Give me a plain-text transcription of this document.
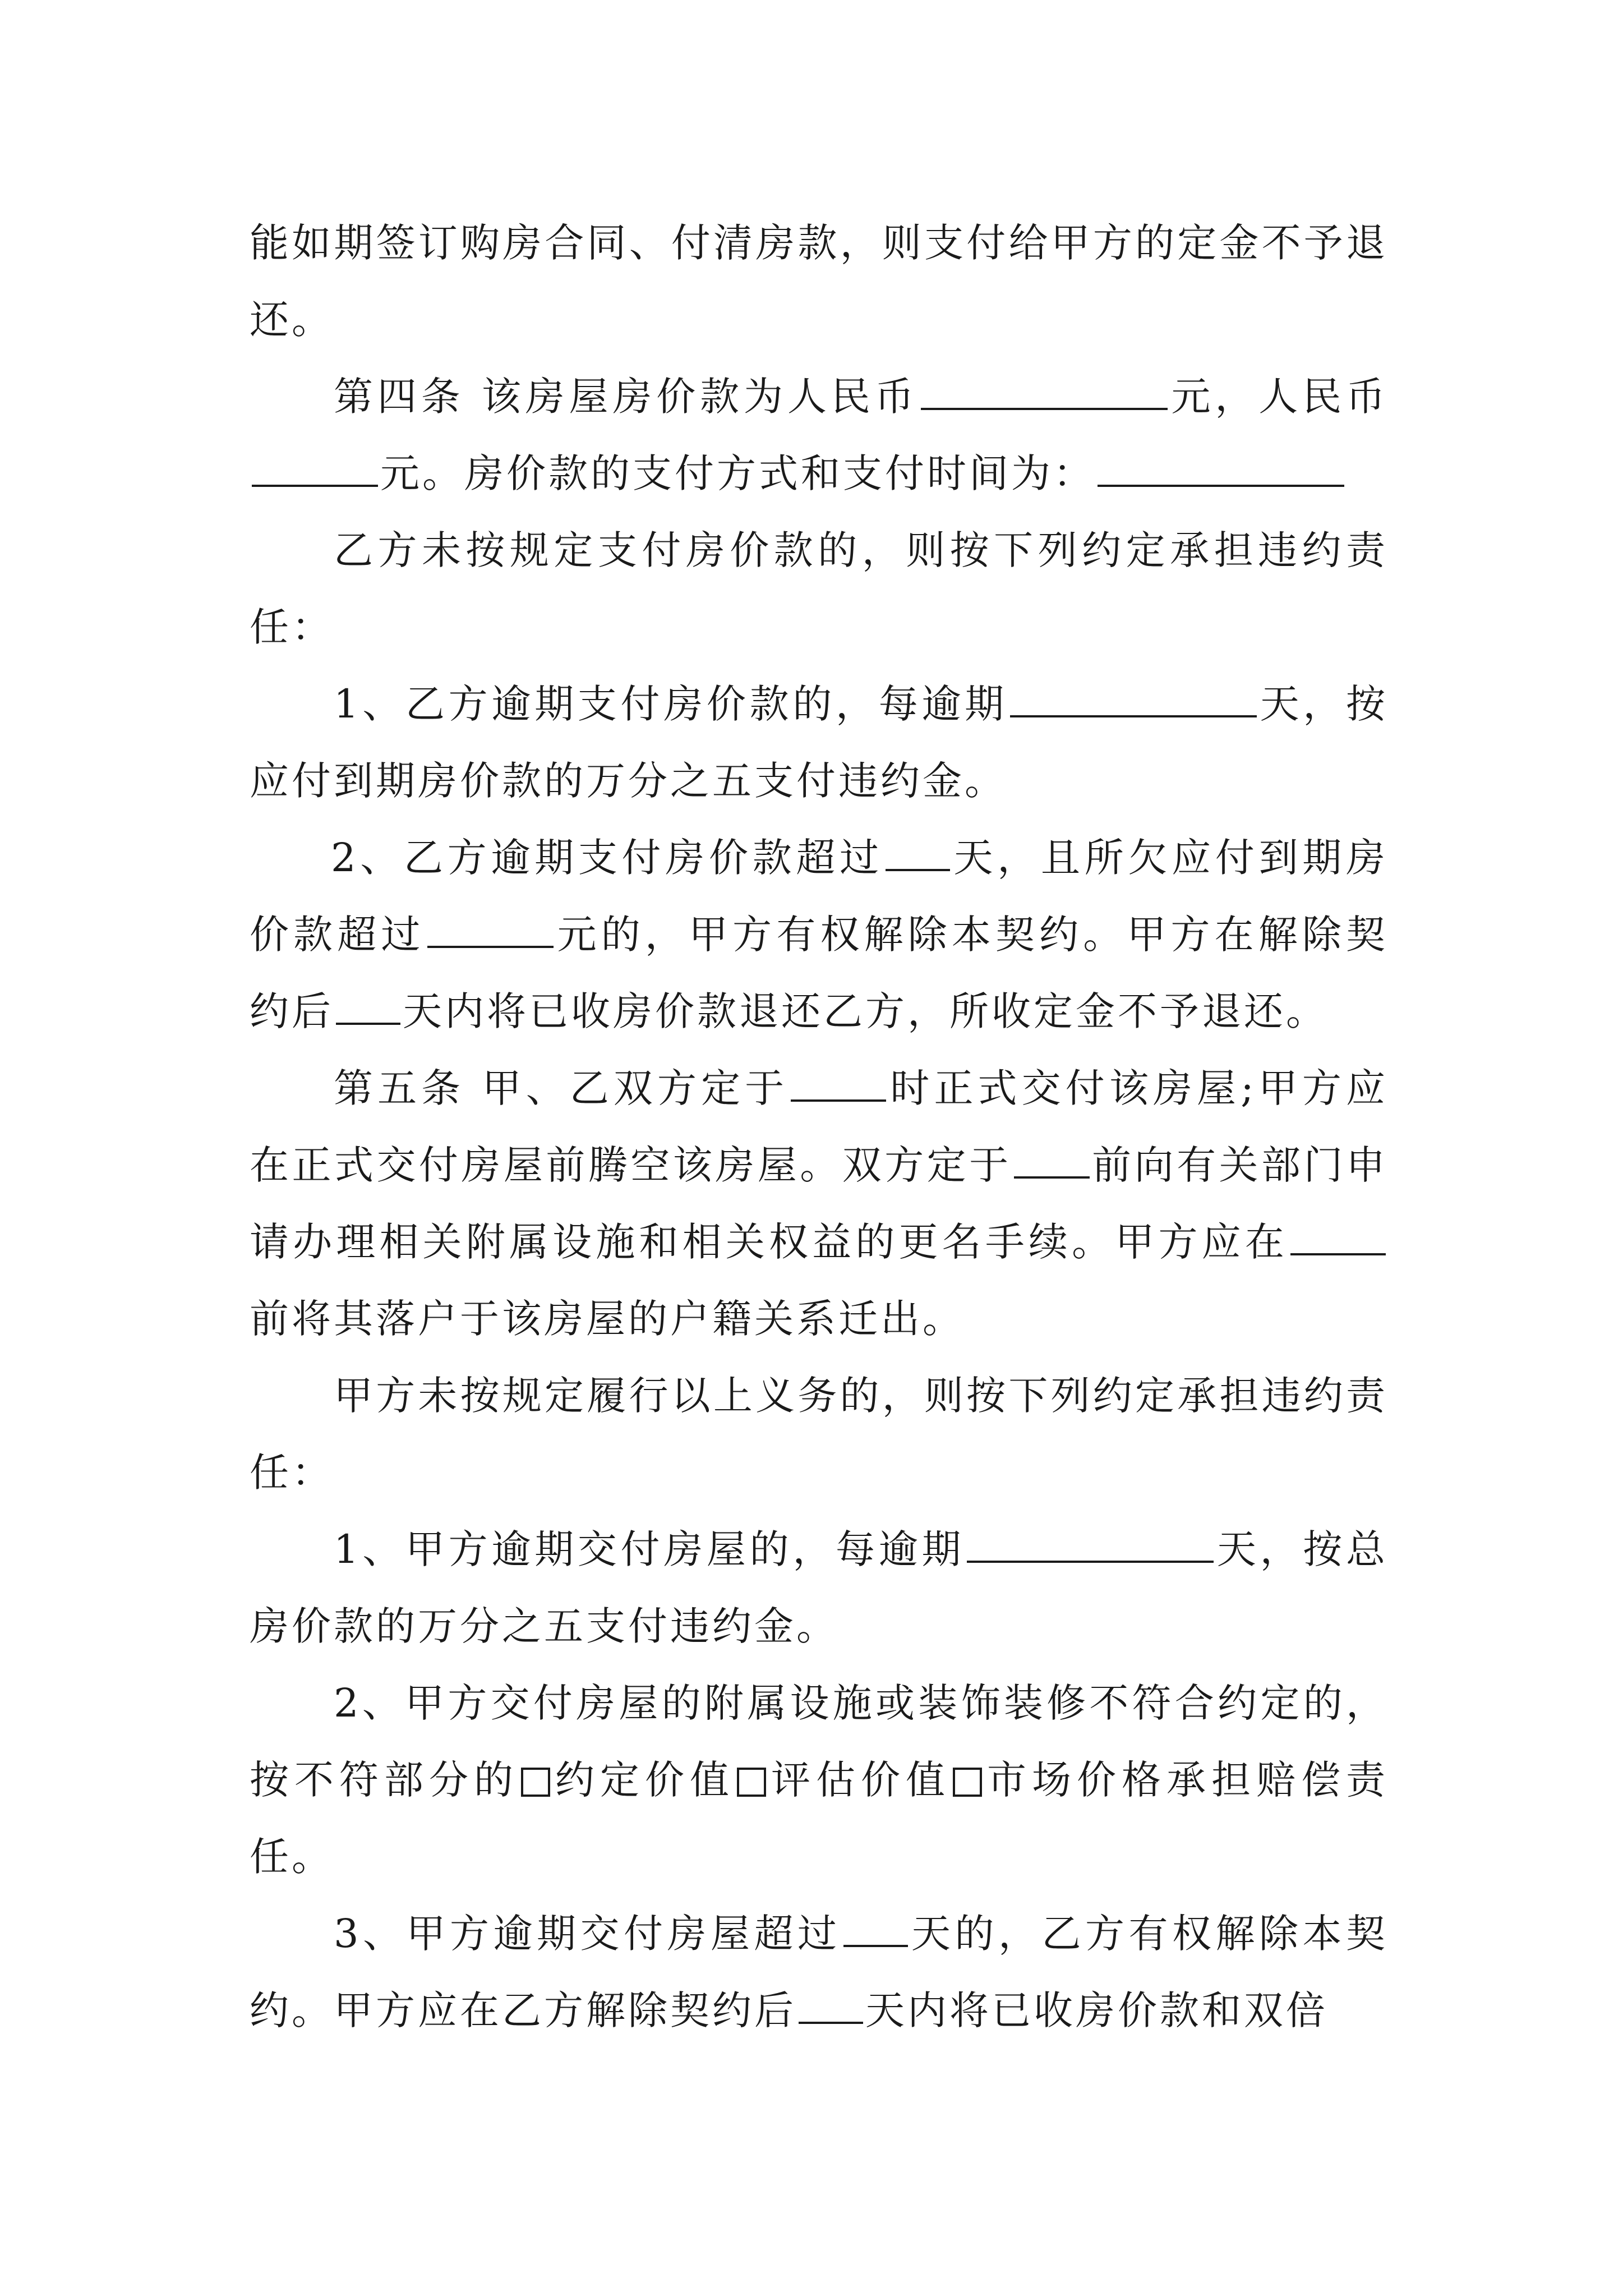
能如期签订购房合同、付清房款，则支付给甲方的定金不予退还。

第四条 该房屋房价款为人民币	元，人民币元。房价款的支付方式和支付时间为：

乙方未按规定支付房价款的，则按下列约定承担违约责任：

1、乙方逾期支付房价款的，每逾期	天，按应付到期房价款的万分之五支付违约金。

2、乙方逾期支付房价款超过 天，且所欠应付到期房价款超过	元的，甲方有权解除本契约。甲方在解除契约后 天内将已收房价款退还乙方，所收定金不予退还。

第五条 甲、乙双方定于	时正式交付该房屋;甲方应在正式交付房屋前腾空该房屋。双方定于 前向有关部门申请办理相关附属设施和相关权益的更名手续。甲方应在前将其落户于该房屋的户籍关系迁出。

甲方未按规定履行以上义务的，则按下列约定承担违约责任：

1、甲方逾期交付房屋的，每逾期	天，按总房价款的万分之五支付违约金。

2、甲方交付房屋的附属设施或装饰装修不符合约定的，按不符部分的 约定价值 评估价值 市场价格承担赔偿责任。

3、甲方逾期交付房屋超过 天的，乙方有权解除本契约。甲方应在乙方解除契约后 天内将已收房价款和双倍
